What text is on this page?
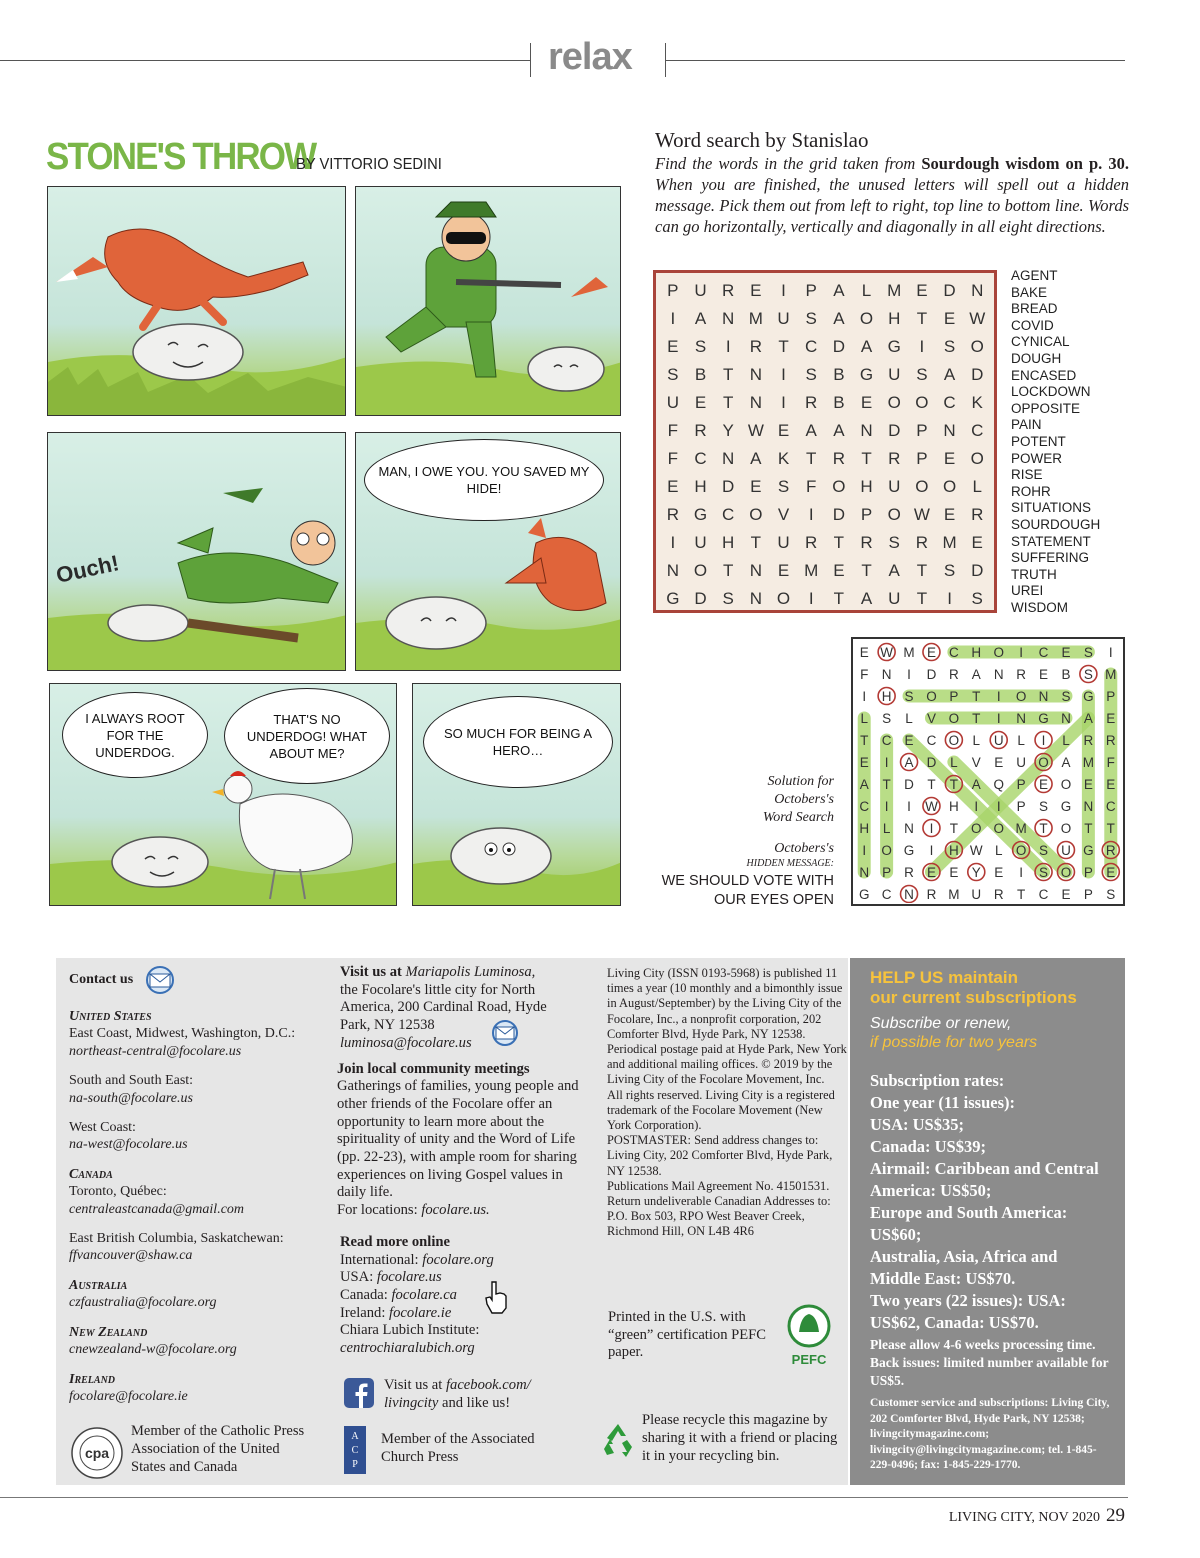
relax
STONE'S THROW
BY VITTORIO SEDINI
Ouch!
MAN, I OWE YOU. YOU SAVED MY HIDE!
I ALWAYS ROOT FOR THE UNDERDOG.
THAT'S NO UNDERDOG! WHAT ABOUT ME?
SO MUCH FOR BEING A HERO…
Word search by Stanislao
Find the words in the grid taken from Sourdough wisdom on p. 30. When you are finished, the unused letters will spell out a hidden message. Pick them out from left to right, top line to bottom line. Words can go horizontally, vertically and diagonally in all eight directions.
P U R E	I	P A	L M E D N
I	A N M U S A O H T E W
E S	I	R T C D A G	I	S O
S B T N	I	S B G U S A D
U E T N	I	R B E O O C K
F R Y W E A A N D P N C
F C N A K T R T R P E O
E H D E S F O H U O O L
R G C O V	I	D P O W E R
I	U H T U R T R S R M E
N O T N E M E T A T S D
G D S N O	I	T A U T	I	S
AGENT
BAKE
BREAD
COVID
CYNICAL
DOUGH
ENCASED
LOCKDOWN
OPPOSITE
PAIN
POTENT
POWER
RISE
ROHR
SITUATIONS
SOURDOUGH
STATEMENT
SUFFERING
TRUTH
UREI
WISDOM
Solution for
Octobers's
Word Search
Octobers's
HIDDEN MESSAGE:
WE SHOULD VOTE WITH
OUR EYES OPEN
E W M E C H O I C E S I
F N I D R A N R E B S M
I H S O P T I O N S G P
L S L V O T I N G N A E
T C E C O L U L I L R R
E I A D L V E U O A M F
A T D T T A Q P E O E E
C I I W H I I P S G N C
H L N I T O O M T O T T
I O G I H W L O S U G R
N P R E E Y E I S O P E
G C N R M U R T C E P S
Contact us
United States
East Coast, Midwest, Washington, D.C.:
northeast-central@focolare.us
South and South East:
na-south@focolare.us
West Coast:
na-west@focolare.us
Canada
Toronto, Québec:
centraleastcanada@gmail.com
East British Columbia, Saskatchewan:
ffvancouver@shaw.ca
Australia
czfaustralia@focolare.org
New Zealand
cnewzealand-w@focolare.org
Ireland
focolare@focolare.ie
cpa
Member of the Catholic Press Association of the United States and Canada
Visit us at Mariapolis Luminosa,
the Focolare's little city for North America, 200 Cardinal Road, Hyde Park, NY 12538
luminosa@focolare.us
Join local community meetings
Gatherings of families, young people and other friends of the Focolare offer an opportunity to learn more about the spirituality of unity and the Word of Life (pp. 22-23), with ample room for sharing experiences on living Gospel values in daily life.
For locations: focolare.us.
Read more online
International: focolare.org
USA: focolare.us
Canada: focolare.ca
Ireland: focolare.ie
Chiara Lubich Institute:
centrochiaralubich.org
Visit us at facebook.com/ livingcity and like us!
A
C
P
Member of the Associated Church Press
Living City (ISSN 0193-5968) is published 11 times a year (10 monthly and a bimonthly issue in August/September) by the Living City of the Focolare, Inc., a nonprofit corporation, 202 Comforter Blvd, Hyde Park, NY 12538. Periodical postage paid at Hyde Park, New York and additional mailing offices. © 2019 by the Living City of the Focolare Movement, Inc.
All rights reserved. Living City is a registered trademark of the Focolare Movement (New York Corporation).
POSTMASTER: Send address changes to: Living City, 202 Comforter Blvd, Hyde Park, NY 12538.
Publications Mail Agreement No. 41501531. Return undeliverable Canadian Addresses to: P.O. Box 503, RPO West Beaver Creek, Richmond Hill, ON L4B 4R6
Printed in the U.S. with “green” certification PEFC paper.	PEFC
Please recycle this magazine by sharing it with a friend or placing it in your recycling bin.
HELP US maintain
our current subscriptions
Subscribe or renew,
if possible for two years
Subscription rates:
One year (11 issues):
USA: US$35;
Canada: US$39;
Airmail: Caribbean and Central America: US$50;
Europe and South America: US$60;
Australia, Asia, Africa and Middle East: US$70.
Two years (22 issues): USA: US$62, Canada: US$70.
Please allow 4-6 weeks processing time. Back issues: limited number available for US$5.
Customer service and subscriptions: Living City, 202 Comforter Blvd, Hyde Park, NY 12538; livingcitymagazine.com; livingcity@livingcitymagazine.com; tel. 1-845-229-0496; fax: 1-845-229-1770.
LIVING CITY, NOV 2020 29
